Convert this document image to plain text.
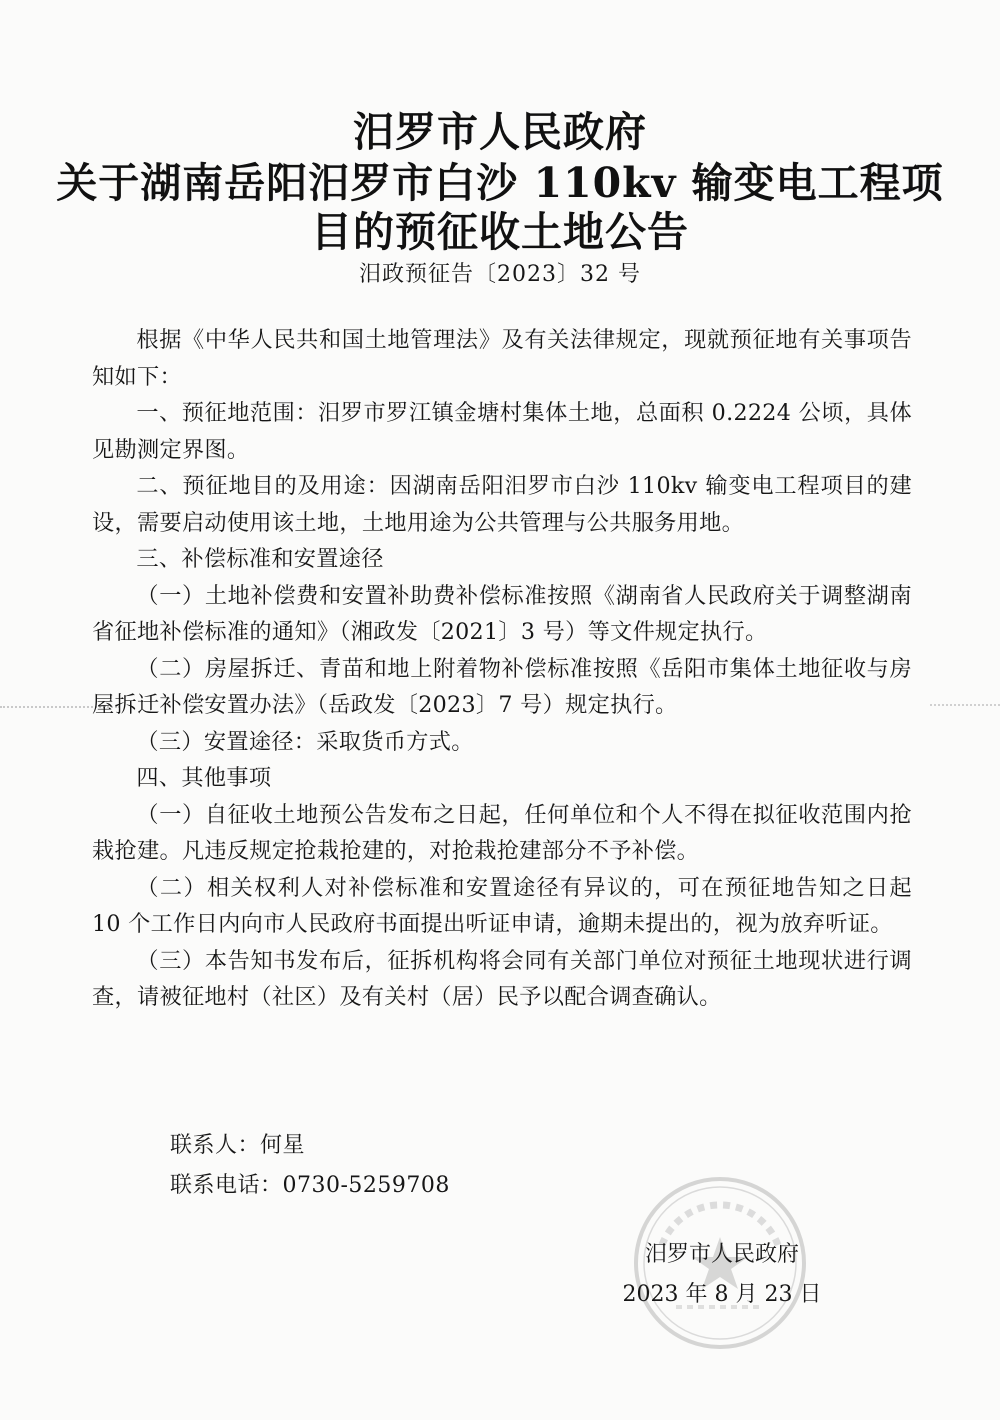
汨罗市人民政府
关于湖南岳阳汨罗市白沙 110kv 输变电工程项
目的预征收土地公告
汨政预征告〔2023〕32 号

根据《中华人民共和国土地管理法》及有关法律规定，现就预征地有关事项告知如下：

一、预征地范围：汨罗市罗江镇金塘村集体土地，总面积 0.2224 公顷，具体见勘测定界图。

二、预征地目的及用途：因湖南岳阳汨罗市白沙 110kv 输变电工程项目的建设，需要启动使用该土地，土地用途为公共管理与公共服务用地。

三、补偿标准和安置途径

（一）土地补偿费和安置补助费补偿标准按照《湖南省人民政府关于调整湖南省征地补偿标准的通知》（湘政发〔2021〕3 号）等文件规定执行。

（二）房屋拆迁、青苗和地上附着物补偿标准按照《岳阳市集体土地征收与房屋拆迁补偿安置办法》（岳政发〔2023〕7 号）规定执行。

（三）安置途径：采取货币方式。

四、其他事项

（一）自征收土地预公告发布之日起，任何单位和个人不得在拟征收范围内抢栽抢建。凡违反规定抢栽抢建的，对抢栽抢建部分不予补偿。

（二）相关权利人对补偿标准和安置途径有异议的，可在预征地告知之日起 10 个工作日内向市人民政府书面提出听证申请，逾期未提出的，视为放弃听证。

（三）本告知书发布后，征拆机构将会同有关部门单位对预征土地现状进行调查，请被征地村（社区）及有关村（居）民予以配合调查确认。

联系人：何星
联系电话：0730-5259708
汨罗市人民政府
2023 年 8 月 23 日
